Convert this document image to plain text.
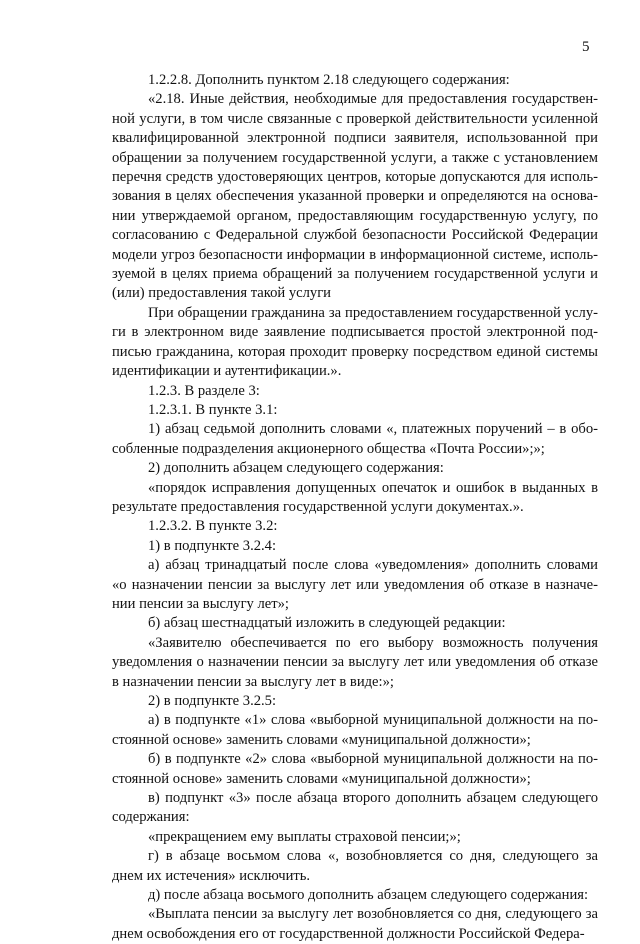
5

1.2.2.8. Дополнить пунктом 2.18 следующего содержания:

«2.18. Иные действия, необходимые для предоставления государственной услуги, в том числе связанные с проверкой действительности усиленной квалифицированной электронной подписи заявителя, использованной при обращении за получением государственной услуги, а также с установлением перечня средств удостоверяющих центров, которые допускаются для использования в целях обеспечения указанной проверки и определяются на основании утверждаемой органом, предоставляющим государственную услугу, по согласованию с Федеральной службой безопасности Российской Федерации модели угроз безопасности информации в информационной системе, используемой в целях приема обращений за получением государственной услуги и (или) предоставления такой услуги

При обращении гражданина за предоставлением государственной услуги в электронном виде заявление подписывается простой электронной подписью гражданина, которая проходит проверку посредством единой системы идентификации и аутентификации.».

1.2.3. В разделе 3:

1.2.3.1. В пункте 3.1:

1) абзац седьмой дополнить словами «, платежных поручений – в обособленные подразделения акционерного общества «Почта России»;»;

2) дополнить абзацем следующего содержания:

«порядок исправления допущенных опечаток и ошибок в выданных в результате предоставления государственной услуги документах.».

1.2.3.2. В пункте 3.2:

1) в подпункте 3.2.4:

а) абзац тринадцатый после слова «уведомления» дополнить словами «о назначении пенсии за выслугу лет или уведомления об отказе в назначении пенсии за выслугу лет»;

б) абзац шестнадцатый изложить в следующей редакции:

«Заявителю обеспечивается по его выбору возможность получения уведомления о назначении пенсии за выслугу лет или уведомления об отказе в назначении пенсии за выслугу лет в виде:»;

2) в подпункте 3.2.5:

а) в подпункте «1» слова «выборной муниципальной должности на постоянной основе» заменить словами «муниципальной должности»;

б) в подпункте «2» слова «выборной муниципальной должности на постоянной основе» заменить словами «муниципальной должности»;

в) подпункт «3» после абзаца второго дополнить абзацем следующего содержания:

«прекращением ему выплаты страховой пенсии;»;

г) в абзаце восьмом слова «, возобновляется со дня, следующего за днем их истечения» исключить.

д) после абзаца восьмого дополнить абзацем следующего содержания:

«Выплата пенсии за выслугу лет возобновляется со дня, следующего за днем освобождения его от государственной должности Российской Федера-
